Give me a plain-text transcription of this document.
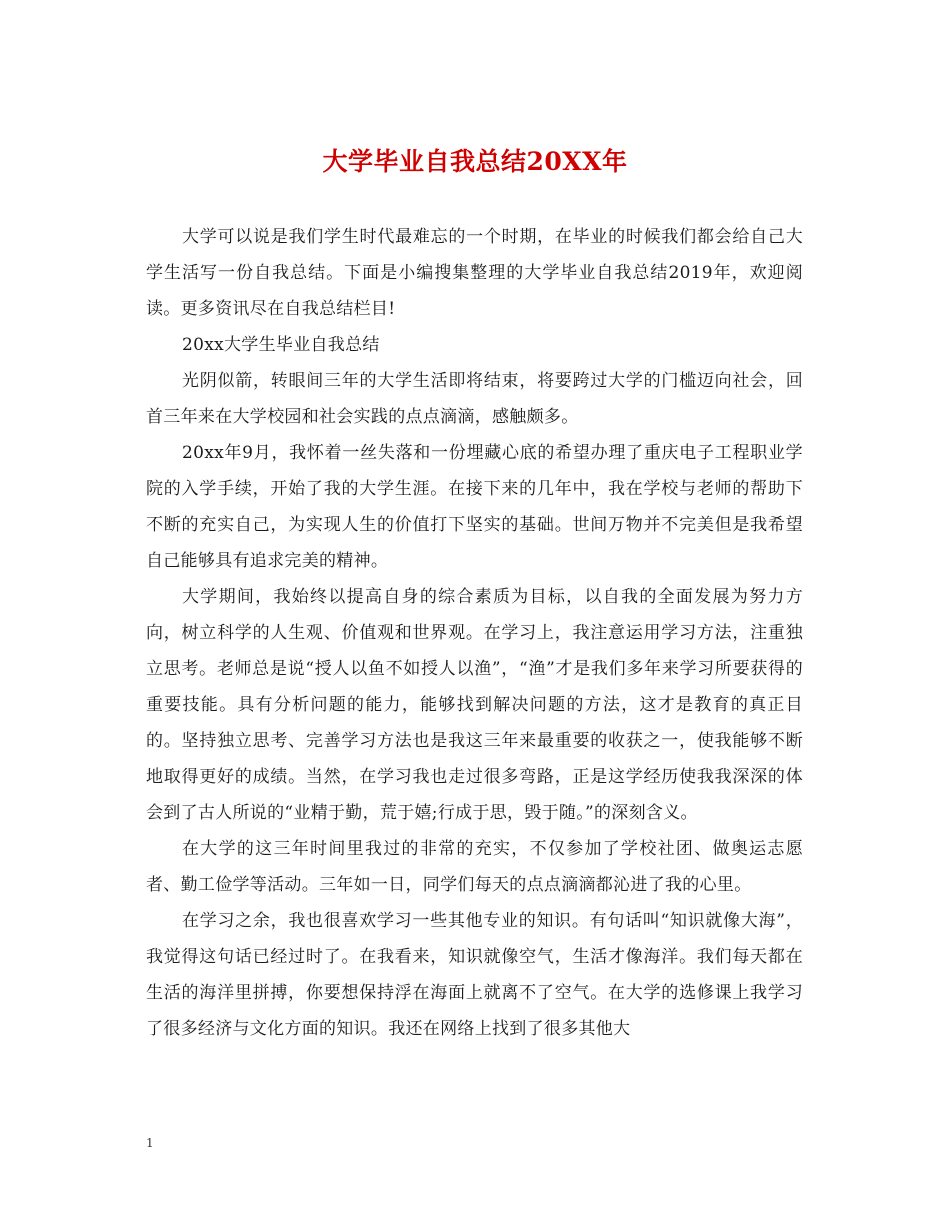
大学毕业自我总结20XX年

大学可以说是我们学生时代最难忘的一个时期，在毕业的时候我们都会给自己大学生活写一份自我总结。下面是小编搜集整理的大学毕业自我总结2019年，欢迎阅读。更多资讯尽在自我总结栏目!

20xx大学生毕业自我总结

光阴似箭，转眼间三年的大学生活即将结束，将要跨过大学的门槛迈向社会，回首三年来在大学校园和社会实践的点点滴滴，感触颇多。

20xx年9月，我怀着一丝失落和一份埋藏心底的希望办理了重庆电子工程职业学院的入学手续，开始了我的大学生涯。在接下来的几年中，我在学校与老师的帮助下不断的充实自己，为实现人生的价值打下坚实的基础。世间万物并不完美但是我希望自己能够具有追求完美的精神。

大学期间，我始终以提高自身的综合素质为目标，以自我的全面发展为努力方向，树立科学的人生观、价值观和世界观。在学习上，我注意运用学习方法，注重独立思考。老师总是说“授人以鱼不如授人以渔”，“渔”才是我们多年来学习所要获得的重要技能。具有分析问题的能力，能够找到解决问题的方法，这才是教育的真正目的。坚持独立思考、完善学习方法也是我这三年来最重要的收获之一，使我能够不断地取得更好的成绩。当然，在学习我也走过很多弯路，正是这学经历使我我深深的体会到了古人所说的“业精于勤，荒于嬉;行成于思，毁于随。”的深刻含义。

在大学的这三年时间里我过的非常的充实，不仅参加了学校社团、做奥运志愿者、勤工俭学等活动。三年如一日，同学们每天的点点滴滴都沁进了我的心里。

在学习之余，我也很喜欢学习一些其他专业的知识。有句话叫“知识就像大海”，我觉得这句话已经过时了。在我看来，知识就像空气，生活才像海洋。我们每天都在生活的海洋里拼搏，你要想保持浮在海面上就离不了空气。在大学的选修课上我学习了很多经济与文化方面的知识。我还在网络上找到了很多其他大

1
